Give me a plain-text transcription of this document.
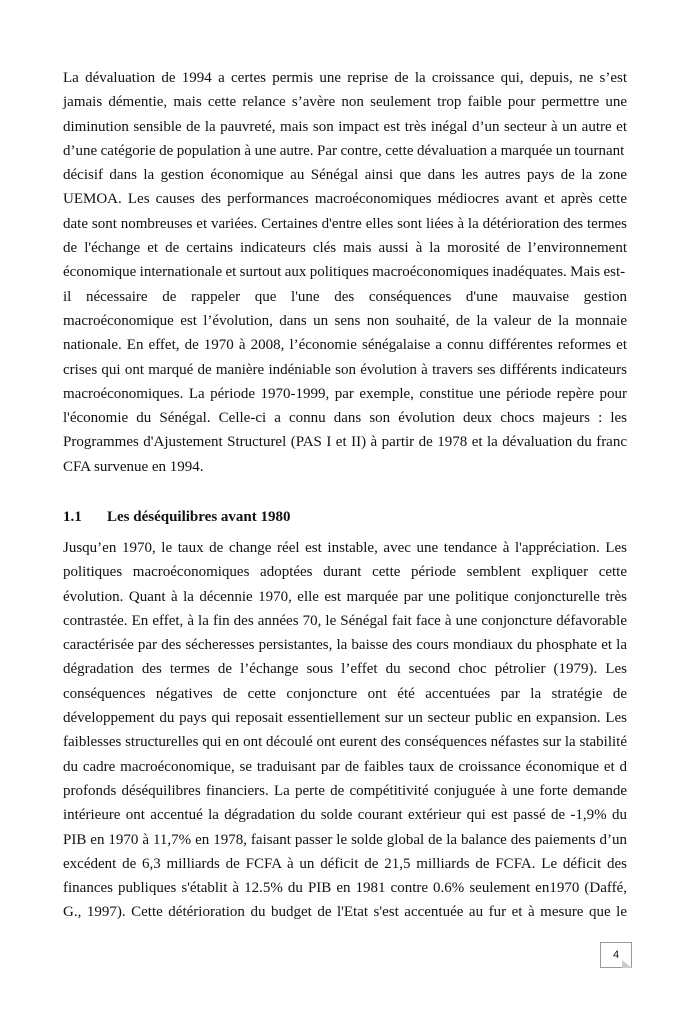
La dévaluation de 1994 a certes permis une reprise de la croissance qui, depuis, ne s’est
jamais démentie, mais cette relance s’avère non seulement trop faible pour permettre une
diminution sensible de la pauvreté, mais son impact est très inégal d’un secteur à un autre et
d’une catégorie de population à une autre. Par contre, cette dévaluation a marquée un tournant
décisif dans la gestion économique au Sénégal ainsi que dans les autres pays de la zone
UEMOA. Les causes des performances macroéconomiques médiocres avant et après cette
date sont nombreuses et variées. Certaines d'entre elles sont liées à la détérioration des termes
de l'échange et de certains indicateurs clés mais aussi à la morosité de l’environnement
économique internationale et surtout aux politiques macroéconomiques inadéquates. Mais est-
il nécessaire de rappeler que l'une des conséquences d'une mauvaise gestion
macroéconomique est l’évolution, dans un sens non souhaité, de la valeur de la monnaie
nationale. En effet, de 1970 à 2008, l’économie sénégalaise a connu différentes reformes et
crises qui ont marqué de manière indéniable son évolution à travers ses différents indicateurs
macroéconomiques. La période 1970-1999, par exemple, constitue une période repère pour
l'économie du Sénégal. Celle-ci a connu dans son évolution deux chocs majeurs : les
Programmes d'Ajustement Structurel (PAS I et II) à partir de 1978 et la dévaluation du franc
CFA survenue en 1994.
1.1 Les déséquilibres avant 1980
Jusqu’en 1970, le taux de change réel est instable, avec une tendance à l'appréciation. Les
politiques macroéconomiques adoptées durant cette période semblent expliquer cette
évolution. Quant à la décennie 1970, elle est marquée par une politique conjoncturelle très
contrastée. En effet, à la fin des années 70, le Sénégal fait face à une conjoncture défavorable
caractérisée par des sécheresses persistantes, la baisse des cours mondiaux du phosphate et la
dégradation des termes de l’échange sous l’effet du second choc pétrolier (1979). Les
conséquences négatives de cette conjoncture ont été accentuées par la stratégie de
développement du pays qui reposait essentiellement sur un secteur public en expansion. Les
faiblesses structurelles qui en ont découlé ont eurent des conséquences néfastes sur la stabilité
du cadre macroéconomique, se traduisant par de faibles taux de croissance économique et d
profonds déséquilibres financiers. La perte de compétitivité conjuguée à une forte demande
intérieure ont accentué la dégradation du solde courant extérieur qui est passé de -1,9% du
PIB en 1970 à 11,7% en 1978, faisant passer le solde global de la balance des paiements d’un
excédent de 6,3 milliards de FCFA à un déficit de 21,5 milliards de FCFA. Le déficit des
finances publiques s'établit à 12.5% du PIB en 1981 contre 0.6% seulement en1970 (Daffé,
G., 1997). Cette détérioration du budget de l'Etat s'est accentuée au fur et à mesure que le
4
